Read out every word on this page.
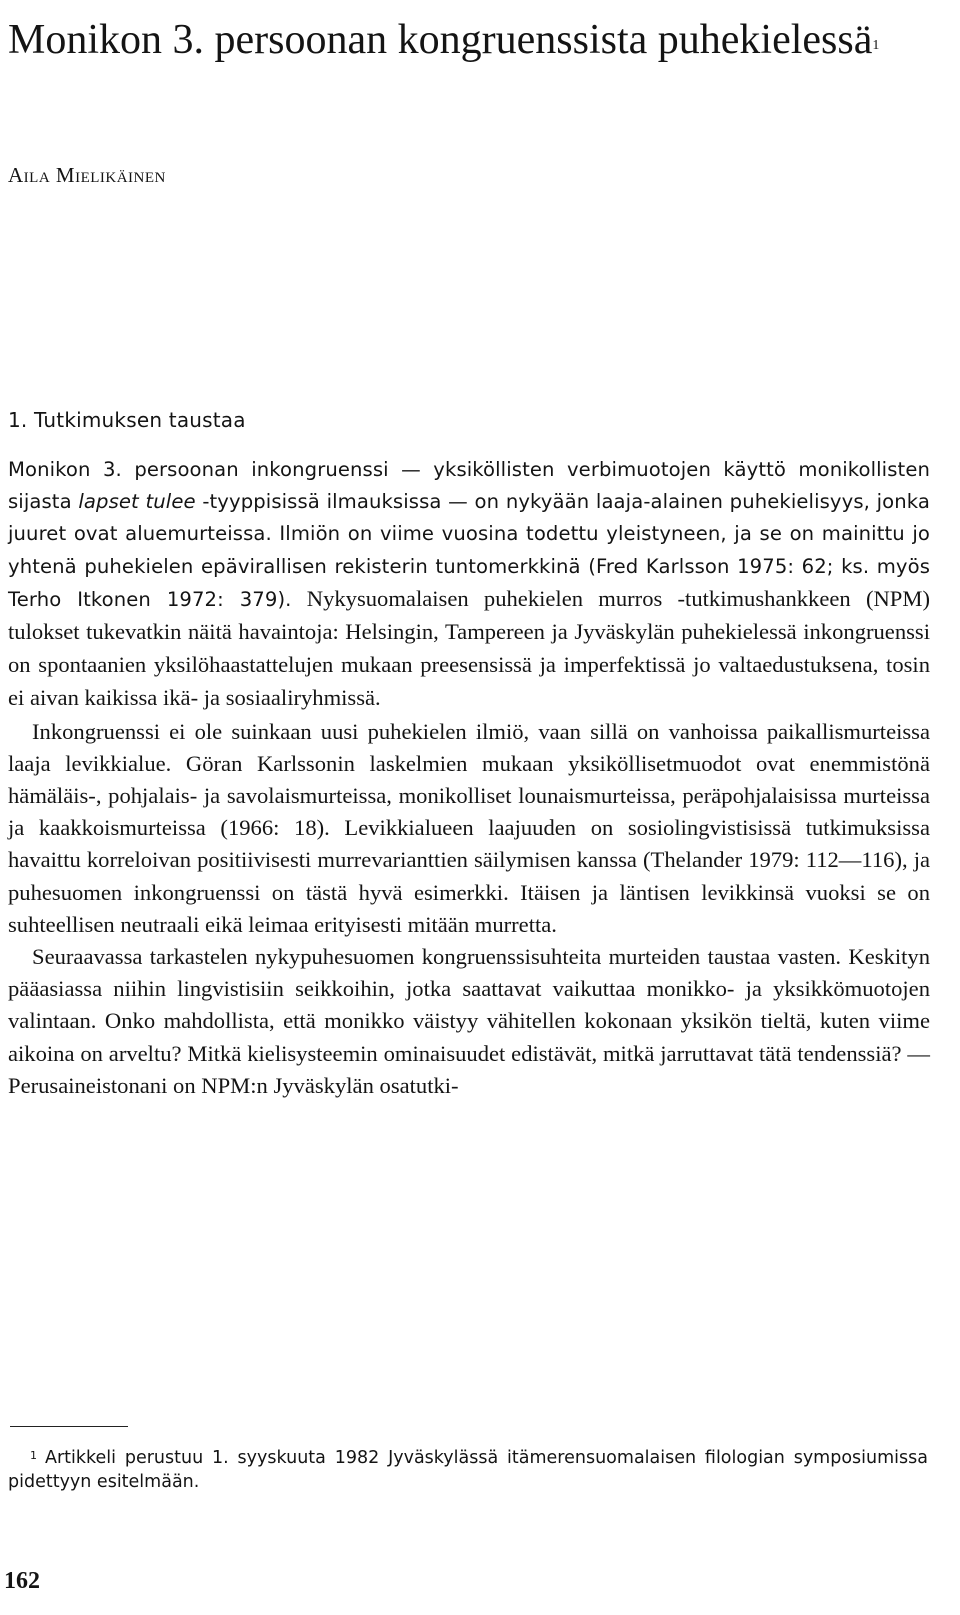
Monikon 3. persoonan kongruenssista puhekielessä$^1$
Aila Mielikäinen
1. Tutkimuksen taustaa

Monikon 3. persoonan inkongruenssi — yksiköllisten verbimuotojen käyttö monikollisten sijasta lapset tulee -tyyppisissä ilmauksissa — on nykyään laaja-alainen puhekielisyys, jonka juuret ovat aluemurteissa. Ilmiön on viime vuosina todettu yleistyneen, ja se on mainittu jo yhtenä puhekielen epävirallisen rekisterin tuntomerkkinä (Fred Karlsson 1975: 62; ks. myös Terho Itkonen 1972: 379). Nykysuomalaisen puhekielen murros -tutkimushankkeen (NPM) tulokset tukevatkin näitä havaintoja: Helsingin, Tampereen ja Jyväskylän puhekielessä inkongruenssi on spontaanien yksilöhaastattelujen mukaan preesensissä ja imperfektissä jo valtaedustuksena, tosin ei aivan kaikissa ikä- ja sosiaaliryhmissä.

Inkongruenssi ei ole suinkaan uusi puhekielen ilmiö, vaan sillä on vanhoissa paikallismurteissa laaja levikkialue. Göran Karlssonin laskelmien mukaan yksiköllisetmuodot ovat enemmistönä hämäläis-, pohjalais- ja savolaismurteissa, monikolliset lounaismurteissa, peräpohjalaisissa murteissa ja kaakkoismurteissa (1966: 18). Levikkialueen laajuuden on sosiolingvistisissä tutkimuksissa havaittu korreloivan positiivisesti murrevarianttien säilymisen kanssa (Thelander 1979: 112—116), ja puhesuomen inkongruenssi on tästä hyvä esimerkki. Itäisen ja läntisen levikkinsä vuoksi se on suhteellisen neutraali eikä leimaa erityisesti mitään murretta.

Seuraavassa tarkastelen nykypuhesuomen kongruenssisuhteita murteiden taustaa vasten. Keskityn pääasiassa niihin lingvistisiin seikkoihin, jotka saattavat vaikuttaa monikko- ja yksikkömuotojen valintaan. Onko mahdollista, että monikko väistyy vähitellen kokonaan yksikön tieltä, kuten viime aikoina on arveltu? Mitkä kielisysteemin ominaisuudet edistävät, mitkä jarruttavat tätä tendenssiä? — Perusaineistonani on NPM:n Jyväskylän osatutki-

$^1$ Artikkeli perustuu 1. syyskuuta 1982 Jyväskylässä itämerensuomalaisen filologian symposiumissa pidettyyn esitelmään.

162
